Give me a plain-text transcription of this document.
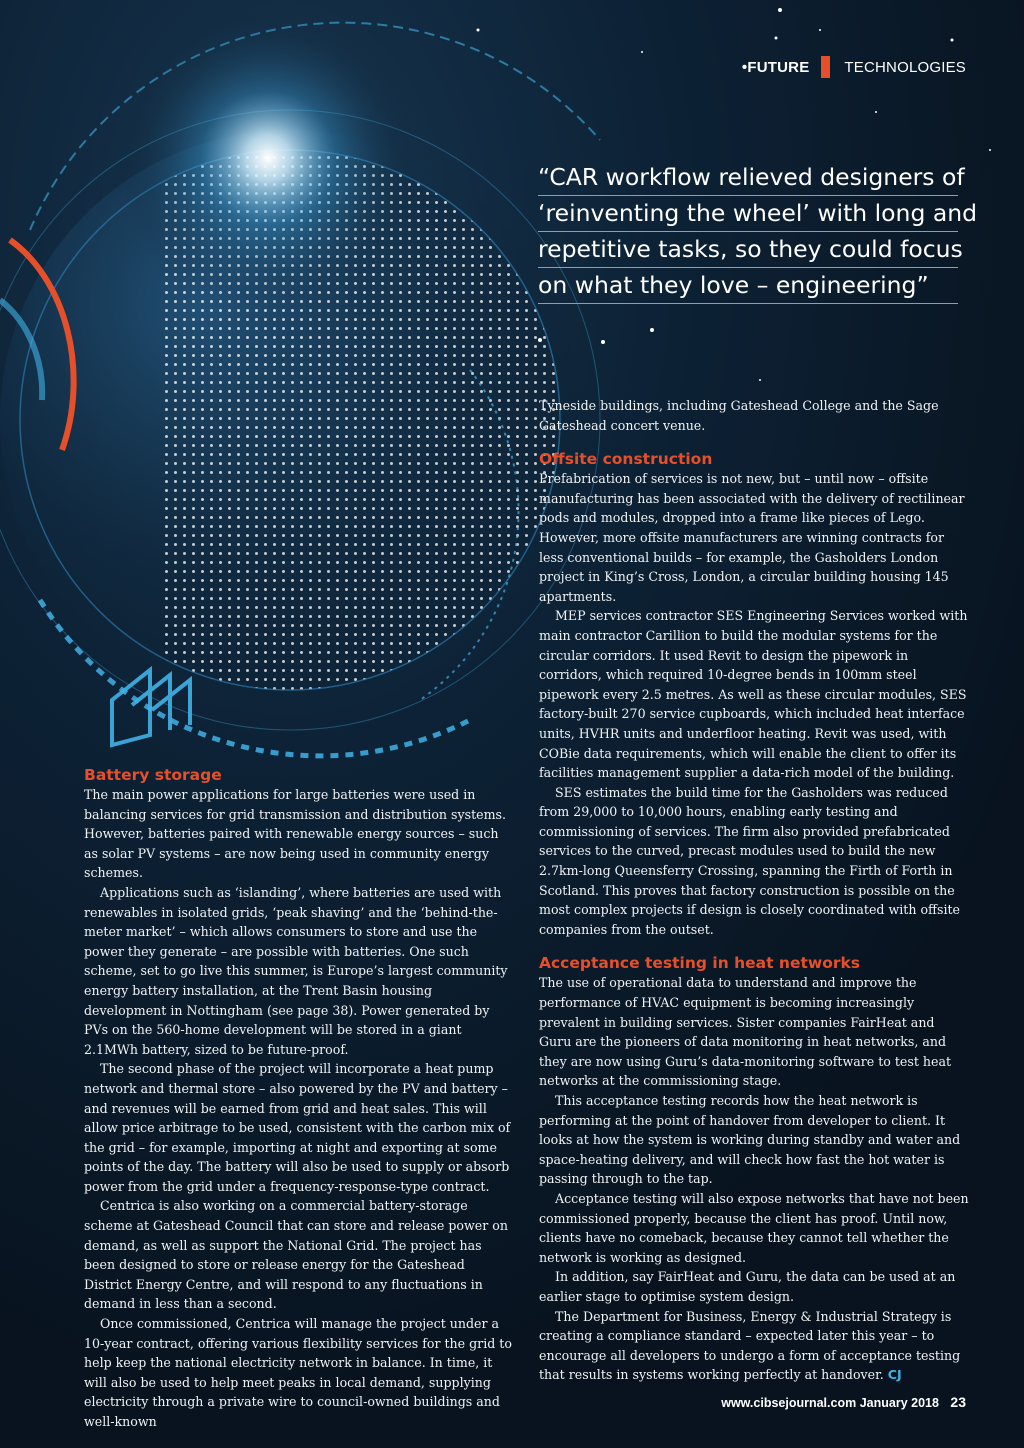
•FUTURE TECHNOLOGIES
“CAR workflow relieved designers of
‘reinventing the wheel’ with long and
repetitive tasks, so they could focus
on what they love – engineering”
Battery storage

The main power applications for large batteries were used in balancing services for grid transmission and distribution systems. However, batteries paired with renewable energy sources – such as solar PV systems – are now being used in community energy schemes.

Applications such as ‘islanding’, where batteries are used with renewables in isolated grids, ‘peak shaving’ and the ‘behind-the-meter market’ – which allows consumers to store and use the power they generate – are possible with batteries. One such scheme, set to go live this summer, is Europe’s largest community energy battery installation, at the Trent Basin housing development in Nottingham (see page 38). Power generated by PVs on the 560-home development will be stored in a giant 2.1MWh battery, sized to be future-proof.

The second phase of the project will incorporate a heat pump network and thermal store – also powered by the PV and battery – and revenues will be earned from grid and heat sales. This will allow price arbitrage to be used, consistent with the carbon mix of the grid – for example, importing at night and exporting at some points of the day. The battery will also be used to supply or absorb power from the grid under a frequency-response-type contract.

Centrica is also working on a commercial battery-storage scheme at Gateshead Council that can store and release power on demand, as well as support the National Grid. The project has been designed to store or release energy for the Gateshead District Energy Centre, and will respond to any fluctuations in demand in less than a second.

Once commissioned, Centrica will manage the project under a 10-year contract, offering various flexibility services for the grid to help keep the national electricity network in balance. In time, it will also be used to help meet peaks in local demand, supplying electricity through a private wire to council-owned buildings and well-known

Tyneside buildings, including Gateshead College and the Sage Gateshead concert venue.

Offsite construction

Prefabrication of services is not new, but – until now – offsite manufacturing has been associated with the delivery of rectilinear pods and modules, dropped into a frame like pieces of Lego. However, more offsite manufacturers are winning contracts for less conventional builds – for example, the Gasholders London project in King’s Cross, London, a circular building housing 145 apartments.

MEP services contractor SES Engineering Services worked with main contractor Carillion to build the modular systems for the circular corridors. It used Revit to design the pipework in corridors, which required 10-degree bends in 100mm steel pipework every 2.5 metres. As well as these circular modules, SES factory-built 270 service cupboards, which included heat interface units, HVHR units and underfloor heating. Revit was used, with COBie data requirements, which will enable the client to offer its facilities management supplier a data-rich model of the building.

SES estimates the build time for the Gasholders was reduced from 29,000 to 10,000 hours, enabling early testing and commissioning of services. The firm also provided prefabricated services to the curved, precast modules used to build the new 2.7km-long Queensferry Crossing, spanning the Firth of Forth in Scotland. This proves that factory construction is possible on the most complex projects if design is closely coordinated with offsite companies from the outset.

Acceptance testing in heat networks

The use of operational data to understand and improve the performance of HVAC equipment is becoming increasingly prevalent in building services. Sister companies FairHeat and Guru are the pioneers of data monitoring in heat networks, and they are now using Guru’s data-monitoring software to test heat networks at the commissioning stage.

This acceptance testing records how the heat network is performing at the point of handover from developer to client. It looks at how the system is working during standby and water and space-heating delivery, and will check how fast the hot water is passing through to the tap.

Acceptance testing will also expose networks that have not been commissioned properly, because the client has proof. Until now, clients have no comeback, because they cannot tell whether the network is working as designed.

In addition, say FairHeat and Guru, the data can be used at an earlier stage to optimise system design.

The Department for Business, Energy & Industrial Strategy is creating a compliance standard – expected later this year – to encourage all developers to undergo a form of acceptance testing that results in systems working perfectly at handover. CJ

www.cibsejournal.com January 2018 23
